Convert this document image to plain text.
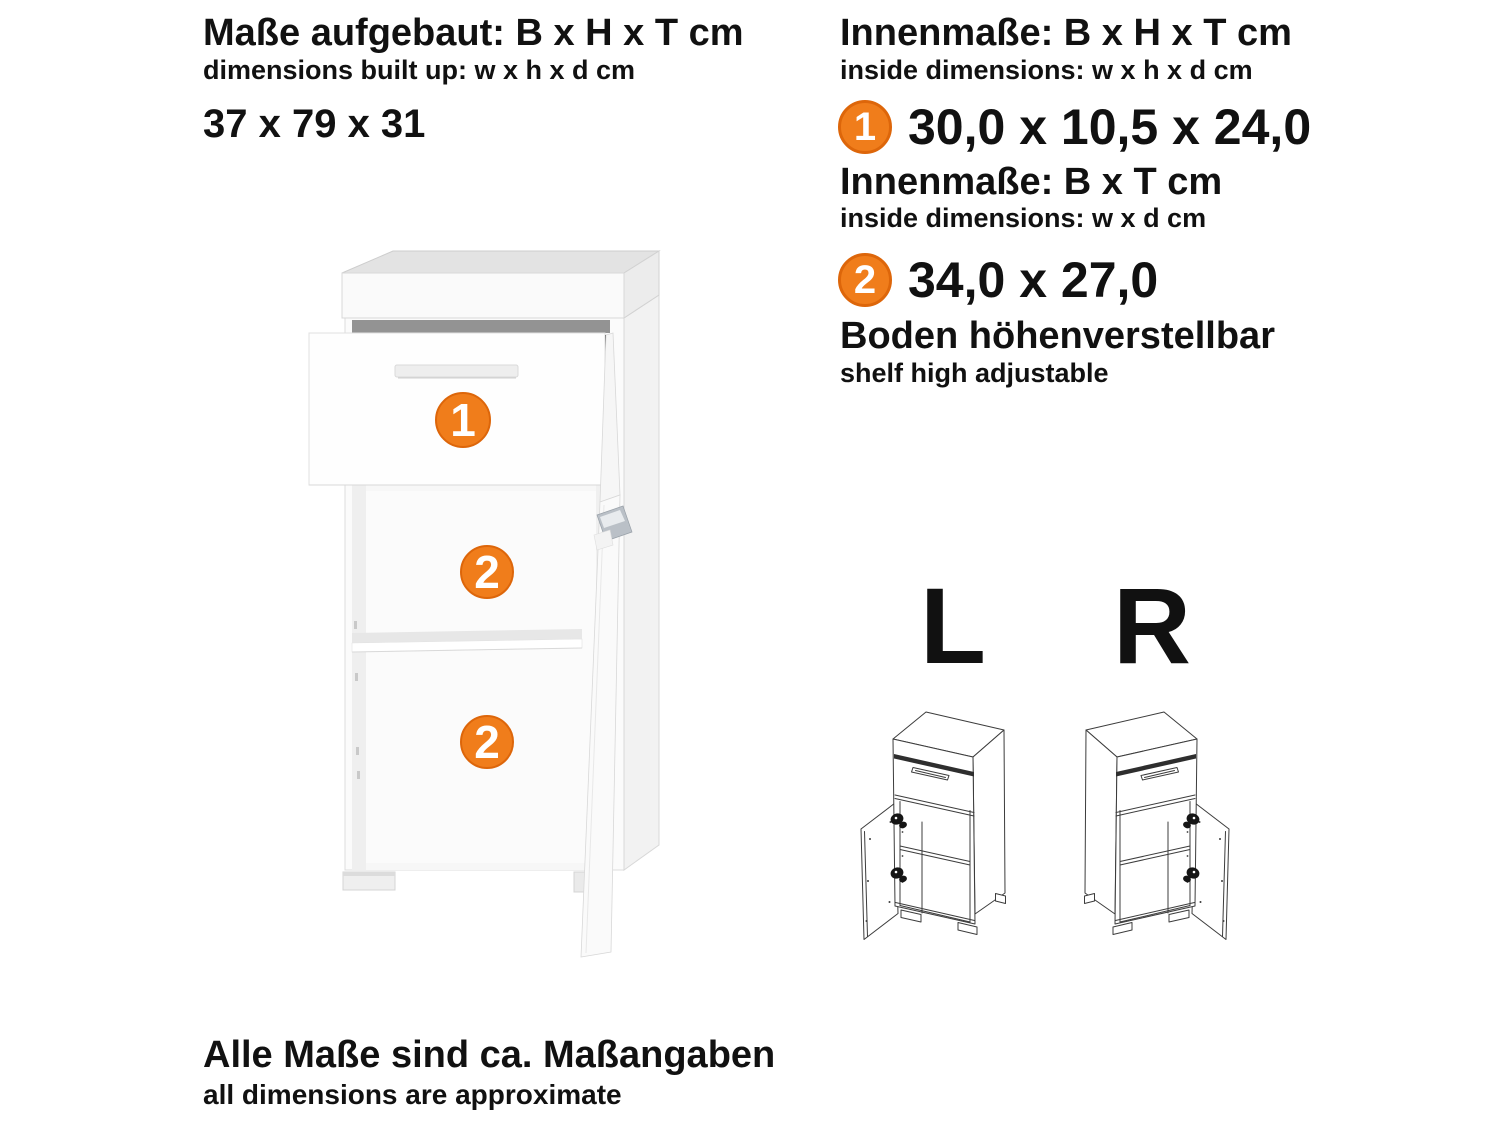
Maße aufgebaut: B x H x T cm
dimensions built up: w x h x d cm
37 x 79 x 31
Innenmaße: B x H x T cm
inside dimensions: w x h x d cm
1 30,0 x 10,5 x 24,0
Innenmaße: B x T cm
inside dimensions: w x d cm
2 34,0 x 27,0
Boden höhenverstellbar
shelf high adjustable
1
2
2
L R
Alle Maße sind ca. Maßangaben
all dimensions are approximate
